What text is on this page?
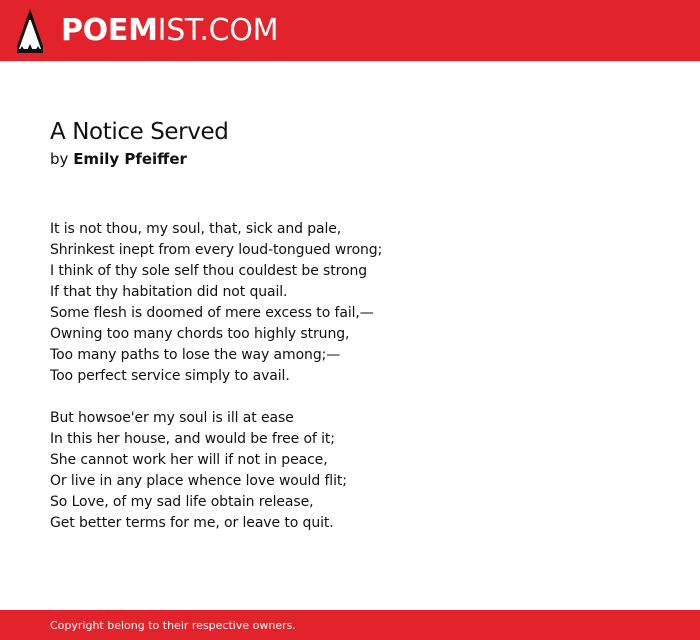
POEMIST.COM
A Notice Served
by Emily Pfeiffer
It is not thou, my soul, that, sick and pale,
Shrinkest inept from every loud-tongued wrong;
I think of thy sole self thou couldest be strong
If that thy habitation did not quail.
Some flesh is doomed of mere excess to fail,—
Owning too many chords too highly strung,
Too many paths to lose the way among;—
Too perfect service simply to avail.
But howsoe'er my soul is ill at ease
In this her house, and would be free of it;
She cannot work her will if not in peace,
Or live in any place whence love would flit;
So Love, of my sad life obtain release,
Get better terms for me, or leave to quit.
Copyright belong to their respective owners.
